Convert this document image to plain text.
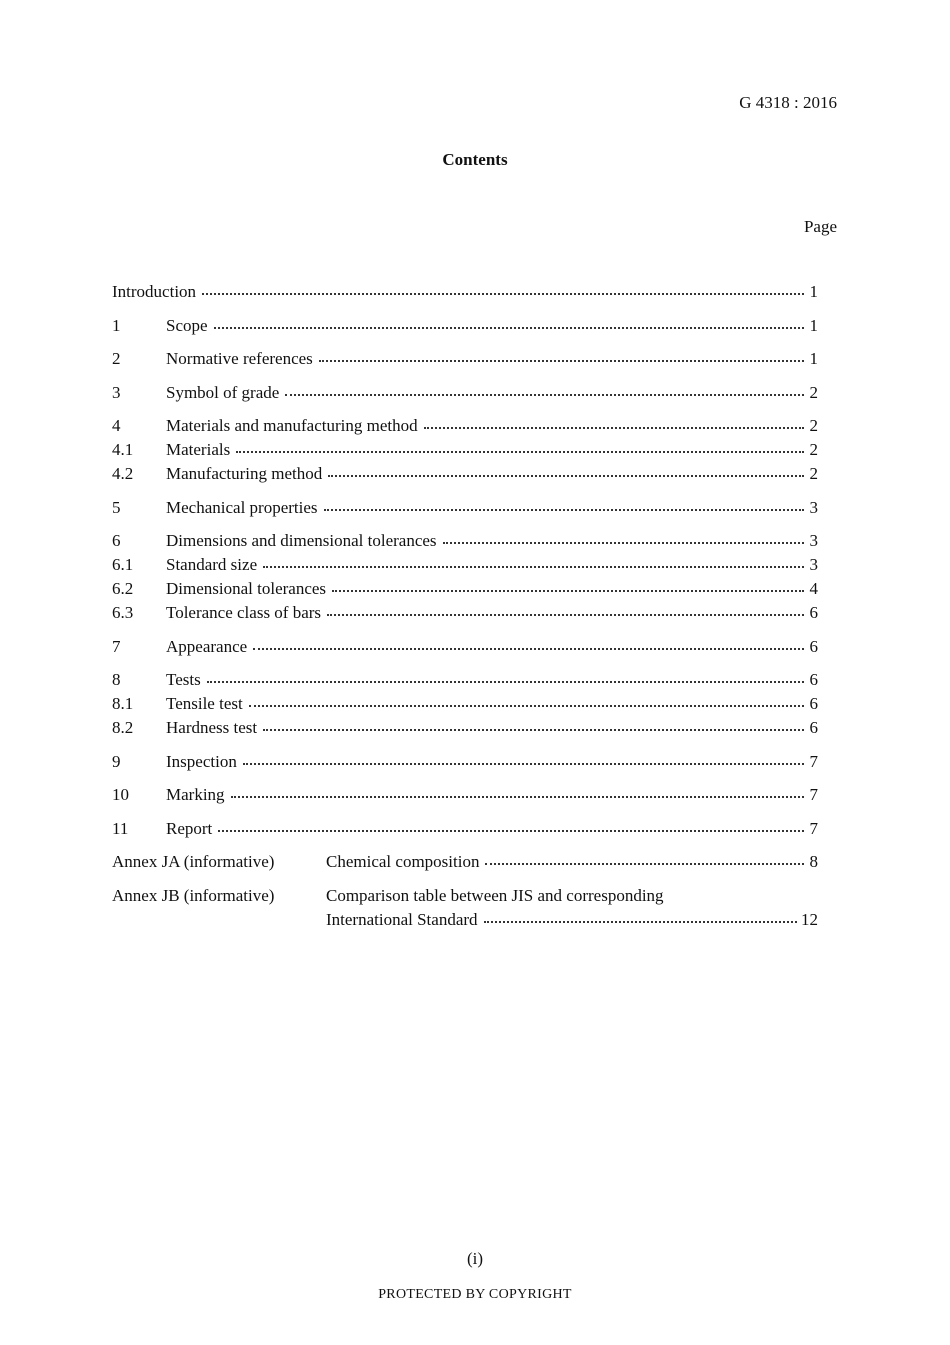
G 4318 : 2016
Contents
Page
Introduction	1
1	Scope	1
2	Normative references	1
3	Symbol of grade	2
4	Materials and manufacturing method	2
4.1	Materials	2
4.2	Manufacturing method	2
5	Mechanical properties	3
6	Dimensions and dimensional tolerances	3
6.1	Standard size	3
6.2	Dimensional tolerances	4
6.3	Tolerance class of bars	6
7	Appearance	6
8	Tests	6
8.1	Tensile test	6
8.2	Hardness test	6
9	Inspection	7
10	Marking	7
11	Report	7
Annex JA (informative)	Chemical composition	8
Annex JB (informative)	Comparison table between JIS and corresponding
International Standard	12
(i)
PROTECTED BY COPYRIGHT
